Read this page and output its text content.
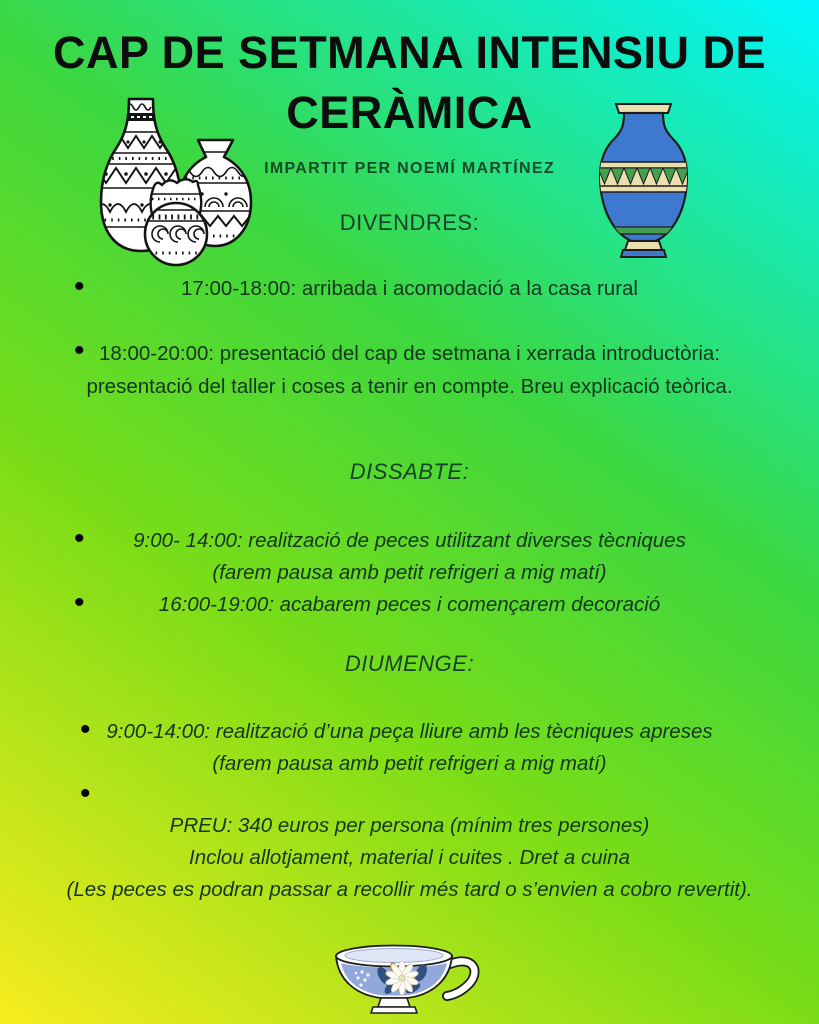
CAP DE SETMANA INTENSIU DE
CERÀMICA
IMPARTIT PER NOEMÍ MARTÍNEZ
DIVENDRES:
•	17:00-18:00: arribada i acomodació a la casa rural
• 18:00-20:00: presentació del cap de setmana i xerrada introductòria: presentació del taller i coses a tenir en compte. Breu explicació teòrica.
DISSABTE:
•	9:00- 14:00: realització de peces utilitzant diverses tècniques
(farem pausa amb petit refrigeri a mig matí)
•	16:00-19:00: acabarem peces i començarem decoració
DIUMENGE:
• 9:00-14:00: realització d’una peça lliure amb les tècniques apreses
(farem pausa amb petit refrigeri a mig matí)
•
PREU: 340 euros per persona (mínim tres persones)
Inclou allotjament, material i cuites . Dret a cuina
(Les peces es podran passar a recollir més tard o s’envien a cobro revertit).
